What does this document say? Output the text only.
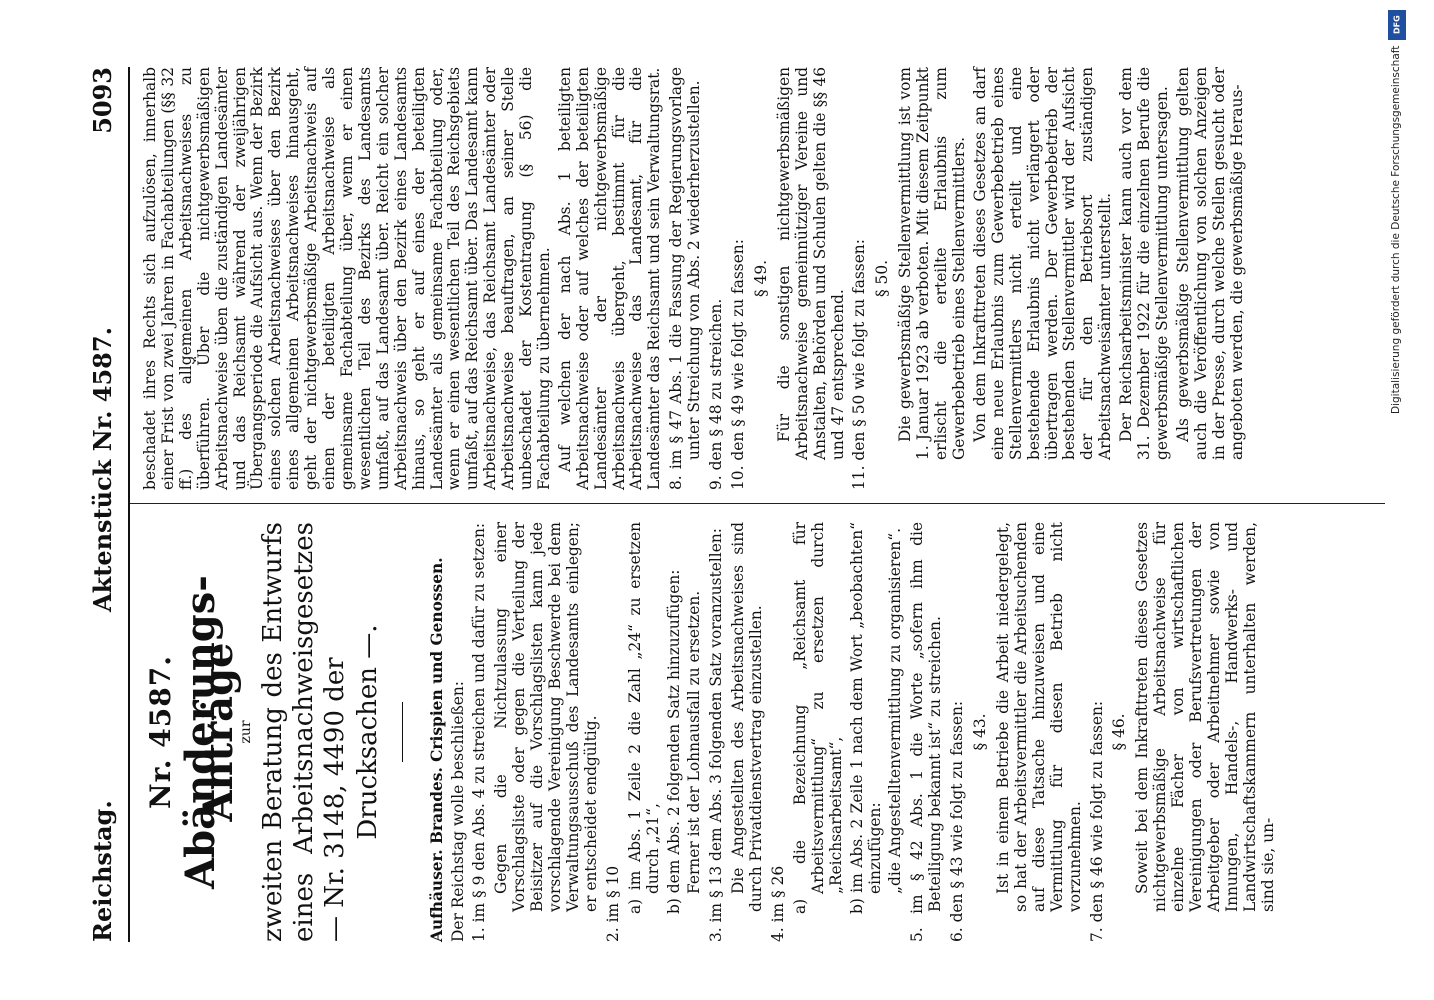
Reichstag.
Aktenstück Nr. 4587.
5093
Nr. 4587. Abänderungs-Anträge
zur zweiten Beratung des Entwurfs eines Arbeitsnachweisgesetzes — Nr. 3148, 4490 der Drucksachen —.	Aufhäuser. Brandes. Crispien und Genossen. Der Reichstag wolle beschließen: 1. im § 9 den Abs. 4 zu streichen und dafür zu setzen: Gegen die Nichtzulassung einer Vorschlagsliste oder gegen die Verteilung der Beisitzer auf die Vorschlagslisten kann jede vorschlagende Vereinigung Beschwerde bei dem Verwaltungsausschuß des Landesamts einlegen; er entscheidet endgültig. 2. im § 10 a) im Abs. 1 Zeile 2 die Zahl „24“ zu ersetzen durch „21“, b) dem Abs. 2 folgenden Satz hinzuzufügen: Ferner ist der Lohnausfall zu ersetzen. 3. im § 13 dem Abs. 3 folgenden Satz voranzustellen: Die Angestellten des Arbeitsnachweises sind durch Privatdienstvertrag einzustellen. 4. im § 26 a) die Bezeichnung „Reichsamt für Arbeitsvermittlung“ zu ersetzen durch „Reichsarbeitsamt“, b) im Abs. 2 Zeile 1 nach dem Wort „beobachten“ einzufügen: „die Angestelltenvermittlung zu organisieren“. 5. im § 42 Abs. 1 die Worte „sofern ihm die Beteiligung bekannt ist“ zu streichen. 6. den § 43 wie folgt zu fassen: § 43. Ist in einem Betriebe die Arbeit niedergelegt, so hat der Arbeitsvermittler die Arbeitsuchenden auf diese Tatsache hinzuweisen und eine Vermittlung für diesen Betrieb nicht vorzunehmen. 7. den § 46 wie folgt zu fassen: § 46. Soweit bei dem Inkrafttreten dieses Gesetzes nichtgewerbsmäßige Arbeitsnachweise für einzelne Fächer von wirtschaftlichen Vereinigungen oder Berufsvertretungen der Arbeitgeber oder Arbeitnehmer sowie von Innungen, Handels-, Handwerks- und Landwirtschaftskammern unterhalten werden, sind sie, un-

beschadet ihres Rechts sich aufzulösen, innerhalb einer Frist von zwei Jahren in Fachabteilungen (§§ 32 ff.) des allgemeinen Arbeitsnachweises zu überführen. Über die nichtgewerbsmäßigen Arbeitsnachweise üben die zuständigen Landesämter und das Reichsamt während der zweijährigen Übergangsperiode die Aufsicht aus. Wenn der Bezirk eines solchen Arbeitsnachweises über den Bezirk eines allgemeinen Arbeitsnachweises hinausgeht, geht der nichtgewerbsmäßige Arbeitsnachweis auf einen der beteiligten Arbeitsnachweise als gemeinsame Fachabteilung über, wenn er einen wesentlichen Teil des Bezirks des Landesamts umfaßt, auf das Landesamt über. Reicht ein solcher Arbeitsnachweis über den Bezirk eines Landesamts hinaus, so geht er auf eines der beteiligten Landesämter als gemeinsame Fachabteilung oder, wenn er einen wesentlichen Teil des Reichsgebiets umfaßt, auf das Reichsamt über. Das Landesamt kann Arbeitsnachweise, das Reichsamt Landesämter oder Arbeitsnachweise beauftragen, an seiner Stelle unbeschadet der Kostentragung (§ 56) die Fachabteilung zu übernehmen. Auf welchen der nach Abs. 1 beteiligten Arbeitsnachweise oder auf welches der beteiligten Landesämter der nichtgewerbsmäßige Arbeitsnachweis übergeht, bestimmt für die Arbeitsnachweise das Landesamt, für die Landesämter das Reichsamt und sein Verwaltungsrat. 8. im § 47 Abs. 1 die Fassung der Regierungsvorlage unter Streichung von Abs. 2 wiederherzustellen. 9. den § 48 zu streichen. 10. den § 49 wie folgt zu fassen: § 49. Für die sonstigen nichtgewerbsmäßigen Arbeitsnachweise gemeinnütziger Vereine und Anstalten, Behörden und Schulen gelten die §§ 46 und 47 entsprechend. 11. den § 50 wie folgt zu fassen: § 50. Die gewerbsmäßige Stellenvermittlung ist vom 1. Januar 1923 ab verboten. Mit diesem Zeitpunkt erlischt die erteilte Erlaubnis zum Gewerbebetrieb eines Stellenvermittlers. Von dem Inkrafttreten dieses Gesetzes an darf eine neue Erlaubnis zum Gewerbebetrieb eines Stellenvermittlers nicht erteilt und eine bestehende Erlaubnis nicht verlängert oder übertragen werden. Der Gewerbebetrieb der bestehenden Stellenvermittler wird der Aufsicht der für den Betriebsort zuständigen Arbeitsnachweisämter unterstellt. Der Reichsarbeitsminister kann auch vor dem 31. Dezember 1922 für die einzelnen Berufe die gewerbsmäßige Stellenvermittlung untersagen. Als gewerbsmäßige Stellenvermittlung gelten auch die Veröffentlichung von solchen Anzeigen in der Presse, durch welche Stellen gesucht oder angeboten werden, die gewerbsmäßige Heraus-

DFG
Digitalisierung gefördert durch die Deutsche Forschungsgemeinschaft
